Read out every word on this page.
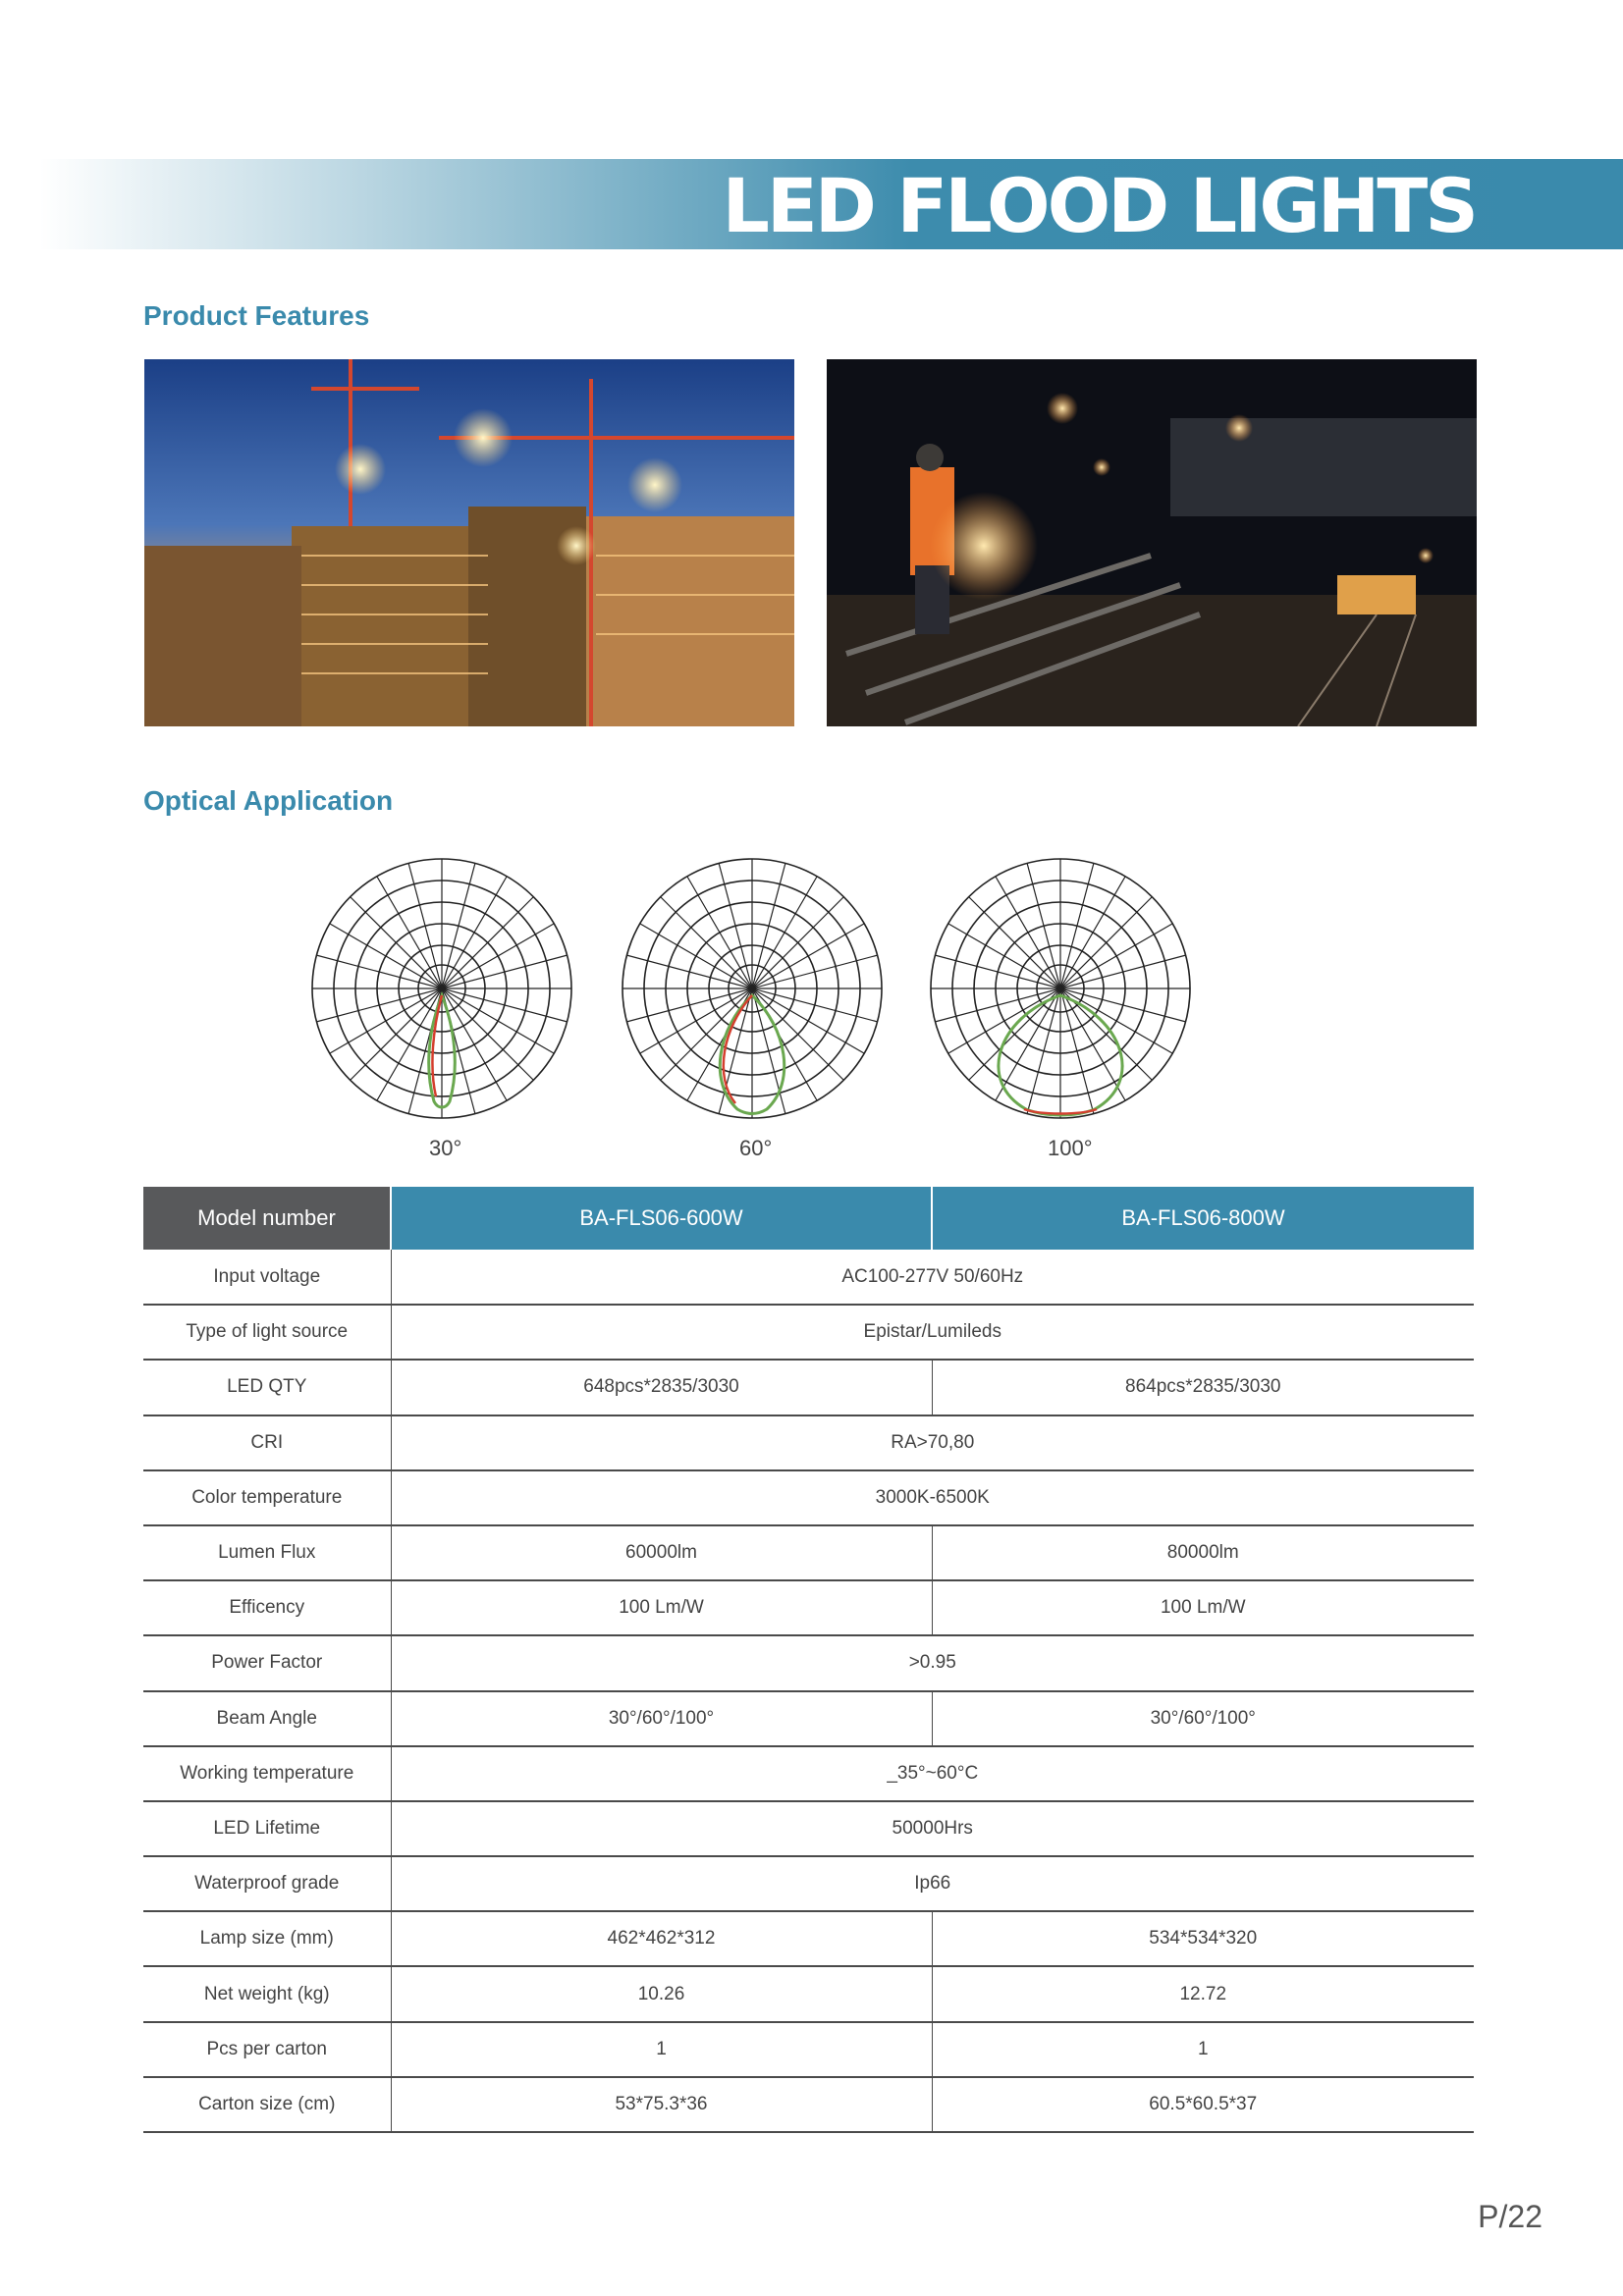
LED FLOOD LIGHTS
Product Features
Optical Application
30°	60°	100°
Model number	BA-FLS06-600W	BA-FLS06-800W
Input voltage	AC100-277V 50/60Hz	
Type of light source	Epistar/Lumileds	
LED QTY	648pcs*2835/3030	864pcs*2835/3030
CRI	RA>70,80	
Color temperature	3000K-6500K	
Lumen Flux	60000lm	80000lm
Efficency	100 Lm/W	100 Lm/W
Power Factor	>0.95	
Beam Angle	30°/60°/100°	30°/60°/100°
Working temperature	_35°~60°C	
LED Lifetime	50000Hrs	
Waterproof grade	Ip66	
Lamp size (mm)	462*462*312	534*534*320
Net weight (kg)	10.26	12.72
Pcs per carton	1	1
Carton size (cm)	53*75.3*36	60.5*60.5*37
P/22
